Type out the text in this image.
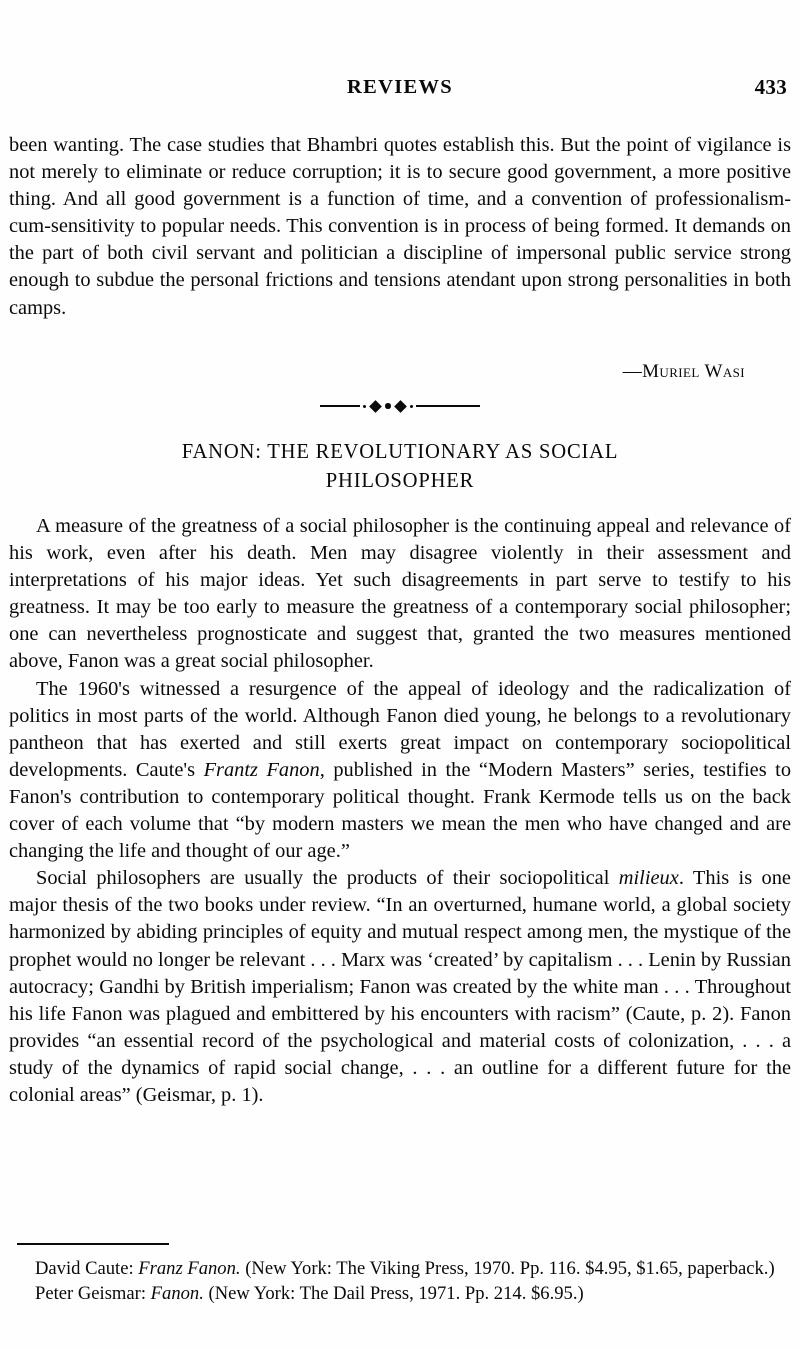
REVIEWS	433

been wanting. The case studies that Bhambri quotes establish this. But the point of vigilance is not merely to eliminate or reduce corruption; it is to secure good government, a more positive thing. And all good government is a function of time, and a convention of professionalism-cum-sensitivity to popular needs. This convention is in process of being formed. It demands on the part of both civil servant and politician a discipline of impersonal public service strong enough to subdue the personal frictions and tensions atendant upon strong personalities in both camps.

—Muriel Wasi
FANON: THE REVOLUTIONARY AS SOCIAL
PHILOSOPHER

A measure of the greatness of a social philosopher is the continuing appeal and relevance of his work, even after his death. Men may disagree violently in their assessment and interpretations of his major ideas. Yet such disagreements in part serve to testify to his greatness. It may be too early to measure the greatness of a contemporary social philosopher; one can nevertheless prognosticate and suggest that, granted the two measures mentioned above, Fanon was a great social philosopher.

The 1960's witnessed a resurgence of the appeal of ideology and the radicalization of politics in most parts of the world. Although Fanon died young, he belongs to a revolutionary pantheon that has exerted and still exerts great impact on contemporary sociopolitical developments. Caute's Frantz Fanon, published in the “Modern Masters” series, testifies to Fanon's contribution to contemporary political thought. Frank Kermode tells us on the back cover of each volume that “by modern masters we mean the men who have changed and are changing the life and thought of our age.”

Social philosophers are usually the products of their sociopolitical milieux. This is one major thesis of the two books under review. “In an overturned, humane world, a global society harmonized by abiding principles of equity and mutual respect among men, the mystique of the prophet would no longer be relevant . . . Marx was ‘created’ by capitalism . . . Lenin by Russian autocracy; Gandhi by British imperialism; Fanon was created by the white man . . . Throughout his life Fanon was plagued and embittered by his encounters with racism” (Caute, p. 2). Fanon provides “an essential record of the psychological and material costs of colonization, . . . a study of the dynamics of rapid social change, . . . an outline for a different future for the colonial areas” (Geismar, p. 1).

David Caute: Franz Fanon. (New York: The Viking Press, 1970. Pp. 116. $4.95, $1.65, paperback.)

Peter Geismar: Fanon. (New York: The Dail Press, 1971. Pp. 214. $6.95.)
